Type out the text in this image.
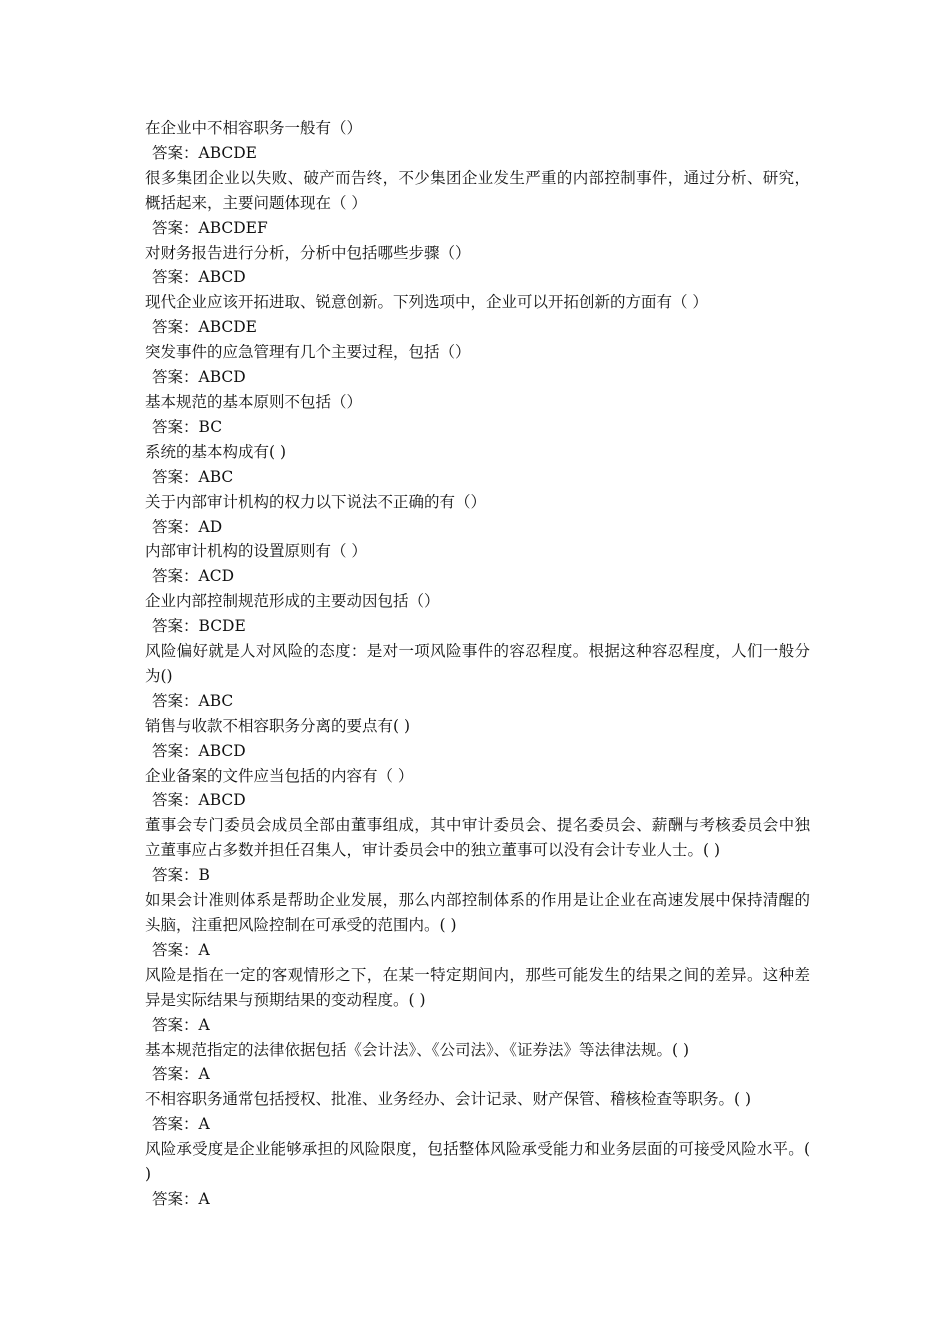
在企业中不相容职务一般有（）
答案：ABCDE
很多集团企业以失败、破产而告终，不少集团企业发生严重的内部控制事件，通过分析、研究，概括起来，主要问题体现在（ ）
答案：ABCDEF
对财务报告进行分析，分析中包括哪些步骤（）
答案：ABCD
现代企业应该开拓进取、锐意创新。下列选项中，企业可以开拓创新的方面有（ ）
答案：ABCDE
突发事件的应急管理有几个主要过程，包括（）
答案：ABCD
基本规范的基本原则不包括（）
答案：BC
系统的基本构成有( )
答案：ABC
关于内部审计机构的权力以下说法不正确的有（）
答案：AD
内部审计机构的设置原则有（ ）
答案：ACD
企业内部控制规范形成的主要动因包括（）
答案：BCDE
风险偏好就是人对风险的态度：是对一项风险事件的容忍程度。根据这种容忍程度，人们一般分为()
答案：ABC
销售与收款不相容职务分离的要点有( )
答案：ABCD
企业备案的文件应当包括的内容有（ ）
答案：ABCD
董事会专门委员会成员全部由董事组成，其中审计委员会、提名委员会、薪酬与考核委员会中独立董事应占多数并担任召集人，审计委员会中的独立董事可以没有会计专业人士。( )
答案：B
如果会计准则体系是帮助企业发展，那么内部控制体系的作用是让企业在高速发展中保持清醒的头脑，注重把风险控制在可承受的范围内。( )
答案：A
风险是指在一定的客观情形之下，在某一特定期间内，那些可能发生的结果之间的差异。这种差异是实际结果与预期结果的变动程度。( )
答案：A
基本规范指定的法律依据包括《会计法》、《公司法》、《证券法》等法律法规。( )
答案：A
不相容职务通常包括授权、批准、业务经办、会计记录、财产保管、稽核检查等职务。( )
答案：A
风险承受度是企业能够承担的风险限度，包括整体风险承受能力和业务层面的可接受风险水平。( )
答案：A
